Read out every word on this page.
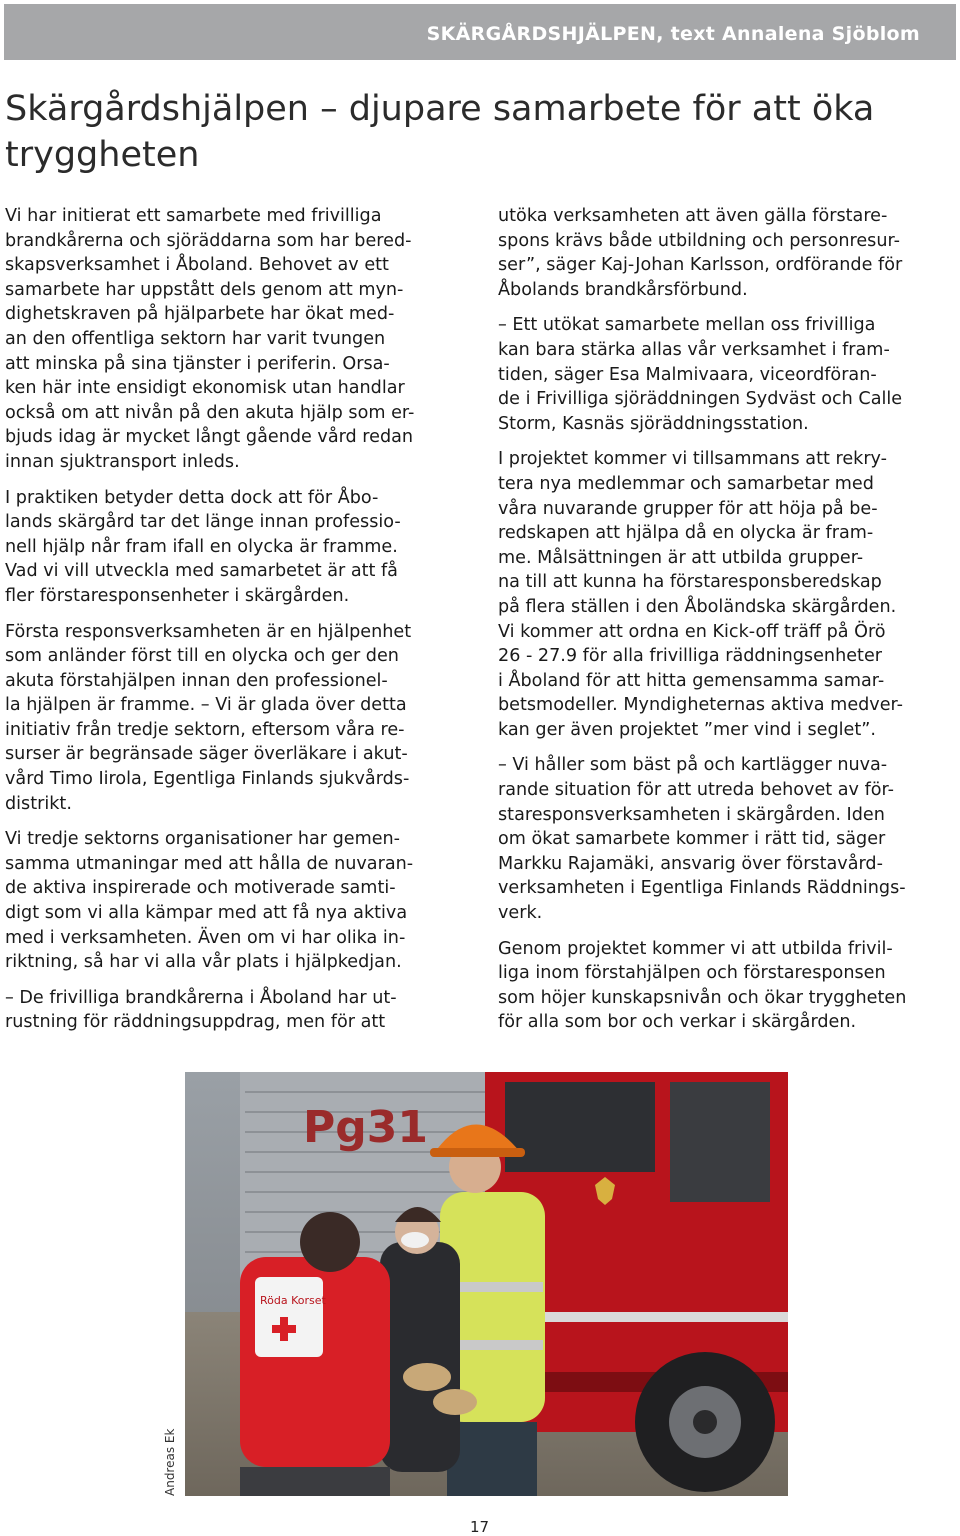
SKÄRGÅRDSHJÄLPEN, text Annalena Sjöblom
Skärgårdshjälpen – djupare samarbete för att öka
tryggheten

Vi har initierat ett samarbete med frivilliga
brandkårerna och sjöräddarna som har bered-
skapsverksamhet i Åboland. Behovet av ett
samarbete har uppstått dels genom att myn-
dighetskraven på hjälparbete har ökat med-
an den offentliga sektorn har varit tvungen
att minska på sina tjänster i periferin. Orsa-
ken här inte ensidigt ekonomisk utan handlar
också om att nivån på den akuta hjälp som er-
bjuds idag är mycket långt gående vård redan
innan sjuktransport inleds.

I praktiken betyder detta dock att för Åbo-
lands skärgård tar det länge innan professio-
nell hjälp når fram ifall en olycka är framme.
Vad vi vill utveckla med samarbetet är att få
fler förstaresponsenheter i skärgården.

Första responsverksamheten är en hjälpenhet
som anländer först till en olycka och ger den
akuta förstahjälpen innan den professionel-
la hjälpen är framme. – Vi är glada över detta
initiativ från tredje sektorn, eftersom våra re-
surser är begränsade säger överläkare i akut-
vård Timo Iirola, Egentliga Finlands sjukvårds-
distrikt.

Vi tredje sektorns organisationer har gemen-
samma utmaningar med att hålla de nuvaran-
de aktiva inspirerade och motiverade samti-
digt som vi alla kämpar med att få nya aktiva
med i verksamheten. Även om vi har olika in-
riktning, så har vi alla vår plats i hjälpkedjan.

– De frivilliga brandkårerna i Åboland har ut-
rustning för räddningsuppdrag, men för att

utöka verksamheten att även gälla förstare-
spons krävs både utbildning och personresur-
ser”, säger Kaj-Johan Karlsson, ordförande för
Åbolands brandkårsförbund.

– Ett utökat samarbete mellan oss frivilliga
kan bara stärka allas vår verksamhet i fram-
tiden, säger Esa Malmivaara, viceordföran-
de i Frivilliga sjöräddningen Sydväst och Calle
Storm, Kasnäs sjöräddningsstation.

I projektet kommer vi tillsammans att rekry-
tera nya medlemmar och samarbetar med
våra nuvarande grupper för att höja på be-
redskapen att hjälpa då en olycka är fram-
me. Målsättningen är att utbilda grupper-
na till att kunna ha förstaresponsberedskap
på flera ställen i den Åboländska skärgården.
Vi kommer att ordna en Kick-off träff på Örö
26 - 27.9 för alla frivilliga räddningsenheter
i Åboland för att hitta gemensamma samar-
betsmodeller. Myndigheternas aktiva medver-
kan ger även projektet ”mer vind i seglet”.

– Vi håller som bäst på och kartlägger nuva-
rande situation för att utreda behovet av för-
staresponsverksamheten i skärgården. Iden
om ökat samarbete kommer i rätt tid, säger
Markku Rajamäki, ansvarig över förstavård-
verksamheten i Egentliga Finlands Räddnings-
verk.

Genom projektet kommer vi att utbilda frivil-
liga inom förstahjälpen och förstaresponsen
som höjer kunskapsnivån och ökar tryggheten
för alla som bor och verkar i skärgården.

Pg31
Röda Korset
Andreas Ek
17
